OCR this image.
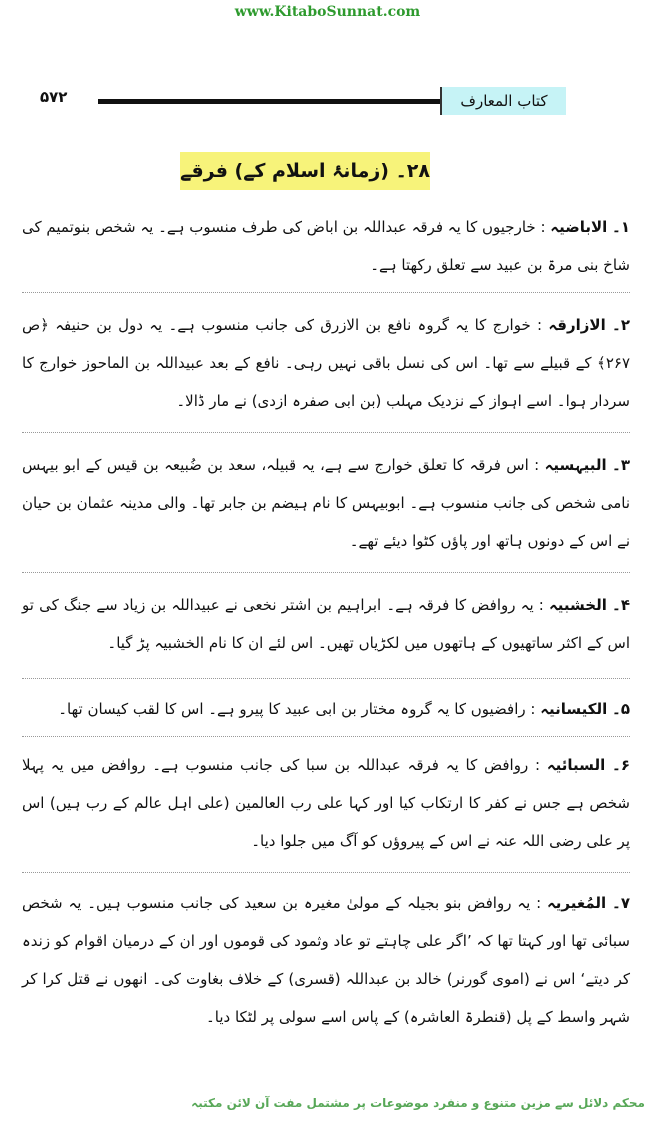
www.KitaboSunnat.com
۵۷۲	کتاب المعارف
۲۸۔ (زمانۂ اسلام کے) فرقے
۱۔ الاباضیہ : خارجیوں کا یہ فرقہ عبداللہ بن اباض کی طرف منسوب ہے۔ یہ شخص بنوتمیم کی شاخ بنی مرۃ بن عبید سے تعلق رکھتا ہے۔
۲۔ الازارقہ : خوارج کا یہ گروہ نافع بن الازرق کی جانب منسوب ہے۔ یہ دول بن حنیفہ ﴿ص ۲۶۷﴾ کے قبیلے سے تھا۔ اس کی نسل باقی نہیں رہی۔ نافع کے بعد عبیداللہ بن الماحوز خوارج کا سردار ہوا۔ اسے اہواز کے نزدیک مہلب (بن ابی صفرہ ازدی) نے مار ڈالا۔
۳۔ البیہسیہ : اس فرقہ کا تعلق خوارج سے ہے، یہ قبیلہ، سعد بن ضُبیعہ بن قیس کے ابو بیہس نامی شخص کی جانب منسوب ہے۔ ابوبیہس کا نام ہیضم بن جابر تھا۔ والی مدینہ عثمان بن حیان نے اس کے دونوں ہاتھ اور پاؤں کٹوا دیئے تھے۔
۴۔ الخشبیہ : یہ روافض کا فرقہ ہے۔ ابراہیم بن اشتر نخعی نے عبیداللہ بن زیاد سے جنگ کی تو اس کے اکثر ساتھیوں کے ہاتھوں میں لکڑیاں تھیں۔ اس لئے ان کا نام الخشبیہ پڑ گیا۔
۵۔ الکیسانیہ : رافضیوں کا یہ گروہ مختار بن ابی عبید کا پیرو ہے۔ اس کا لقب کیسان تھا۔
۶۔ السبائیہ : روافض کا یہ فرقہ عبداللہ بن سبا کی جانب منسوب ہے۔ روافض میں یہ پہلا شخص ہے جس نے کفر کا ارتکاب کیا اور کہا علی رب العالمین (علی اہل عالم کے رب ہیں) اس پر علی رضی اللہ عنہ نے اس کے پیروؤں کو آگ میں جلوا دیا۔
۷۔ المُغیریہ : یہ روافض بنو بجیلہ کے مولیٰ مغیرہ بن سعید کی جانب منسوب ہیں۔ یہ شخص سبائی تھا اور کہتا تھا کہ ’اگر علی چاہتے تو عاد وثمود کی قوموں اور ان کے درمیان اقوام کو زندہ کر دیتے‘ اس نے (اموی گورنر) خالد بن عبداللہ (قسری) کے خلاف بغاوت کی۔ انھوں نے قتل کرا کر شہر واسط کے پل (قنطرۃ العاشرہ) کے پاس اسے سولی پر لٹکا دیا۔
محکم دلائل سے مزین متنوع و منفرد موضوعات پر مشتمل مفت آن لائن مکتبہ
